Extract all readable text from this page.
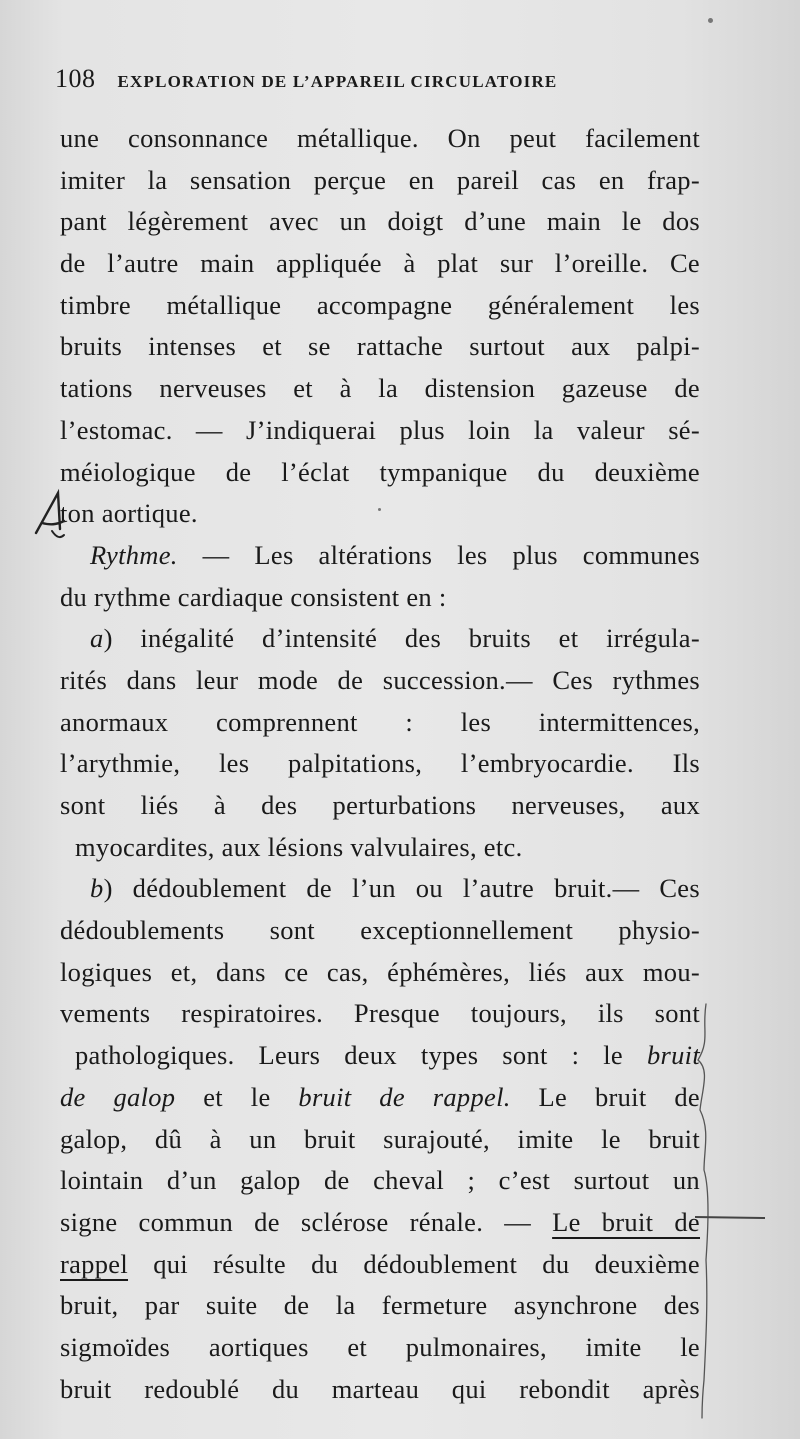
108 EXPLORATION DE L’APPAREIL CIRCULATOIRE
une consonnance métallique. On peut facilement
imiter la sensation perçue en pareil cas en frap-
pant légèrement avec un doigt d’une main le dos
de l’autre main appliquée à plat sur l’oreille. Ce
timbre métallique accompagne généralement les
bruits intenses et se rattache surtout aux palpi-
tations nerveuses et à la distension gazeuse de
l’estomac. — J’indiquerai plus loin la valeur sé-
méiologique de l’éclat tympanique du deuxième
ton aortique.
Rythme. — Les altérations les plus communes
du rythme cardiaque consistent en :
a) inégalité d’intensité des bruits et irrégula-
rités dans leur mode de succession.— Ces rythmes
anormaux comprennent : les intermittences,
l’arythmie, les palpitations, l’embryocardie. Ils
sont liés à des perturbations nerveuses, aux
myocardites, aux lésions valvulaires, etc.
b) dédoublement de l’un ou l’autre bruit.— Ces
dédoublements sont exceptionnellement physio-
logiques et, dans ce cas, éphémères, liés aux mou-
vements respiratoires. Presque toujours, ils sont
pathologiques. Leurs deux types sont : le bruit
de galop et le bruit de rappel. Le bruit de
galop, dû à un bruit surajouté, imite le bruit
lointain d’un galop de cheval ; c’est surtout un
signe commun de sclérose rénale. — Le bruit de
rappel qui résulte du dédoublement du deuxième
bruit, par suite de la fermeture asynchrone des
sigmoïdes aortiques et pulmonaires, imite le
bruit redoublé du marteau qui rebondit après
